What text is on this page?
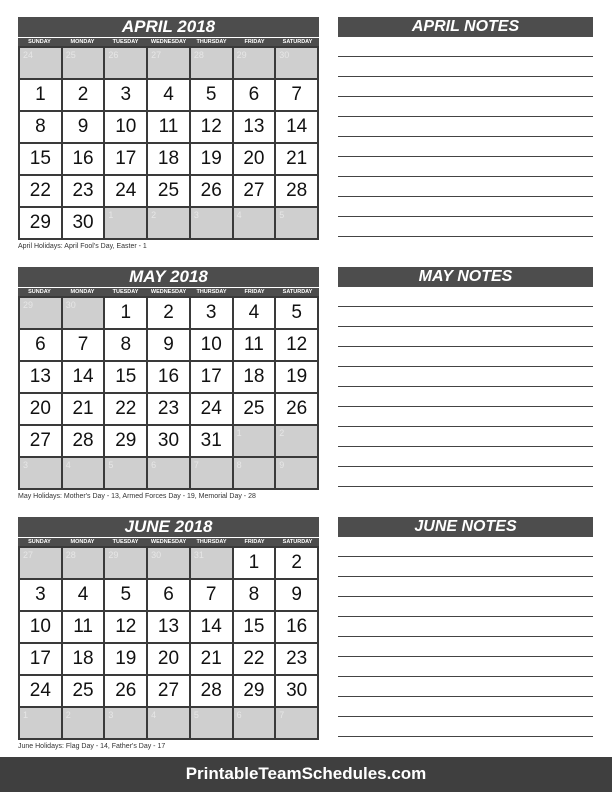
APRIL 2018
SUNDAY	MONDAY	TUESDAY	WEDNESDAY	THURSDAY	FRIDAY	SATURDAY
24	25	26	27	28	29	30
1	2	3	4	5	6	7
8	9	10	11	12	13	14
15	16	17	18	19	20	21
22	23	24	25	26	27	28
29	30	1	2	3	4	5
April Holidays: April Fool's Day, Easter - 1
MAY 2018
SUNDAY	MONDAY	TUESDAY	WEDNESDAY	THURSDAY	FRIDAY	SATURDAY
29	30	1	2	3	4	5
6	7	8	9	10	11	12
13	14	15	16	17	18	19
20	21	22	23	24	25	26
27	28	29	30	31	1	2
3	4	5	6	7	8	9
May Holidays: Mother's Day - 13, Armed Forces Day - 19, Memorial Day - 28
JUNE 2018
SUNDAY	MONDAY	TUESDAY	WEDNESDAY	THURSDAY	FRIDAY	SATURDAY
27	28	29	30	31	1	2
3	4	5	6	7	8	9
10	11	12	13	14	15	16
17	18	19	20	21	22	23
24	25	26	27	28	29	30
1	2	3	4	5	6	7
June Holidays: Flag Day - 14, Father's Day - 17
APRIL NOTES
MAY NOTES
JUNE NOTES
PrintableTeamSchedules.com
